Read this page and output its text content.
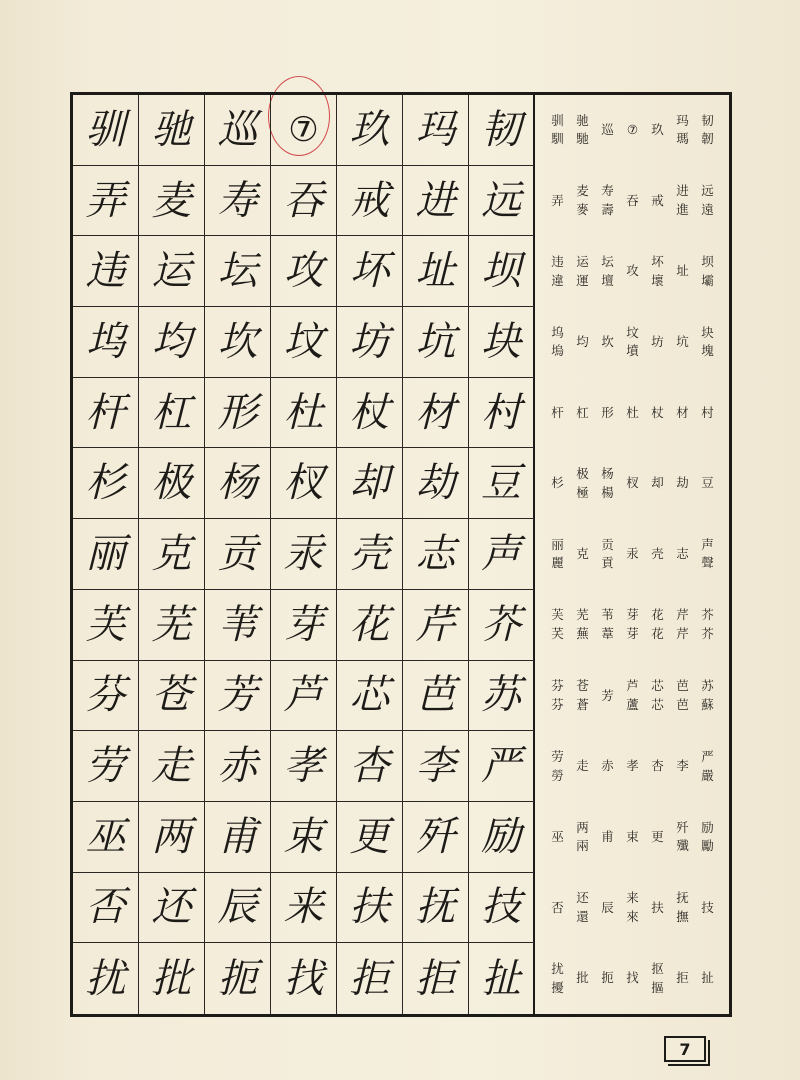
驯 驰 巡 ⑦ 玖 玛 韧
弄 麦 寿 吞 戒 进 远
违 运 坛 攻 坏 址 坝
坞 均 坎 坟 坊 坑 块
杆 杠 形 杜 杖 材 村
杉 极 杨 杈 却 劫 豆
丽 克 贡 汞 壳 志 声
芙 芜 苇 芽 花 芹 芥
芬 苍 芳 芦 芯 芭 苏
劳 走 赤 孝 杏 李 严
巫 两 甫 束 更 歼 励
否 还 辰 来 扶 抚 技
扰 批 扼 找 拒 拒 扯
驯
馴
驰
馳
巡 ⑦ 玖
玛
瑪
韧
韌
弄
麦
麥
寿
壽
吞 戒
进
進
远
遠
违
違
运
運
坛
壇
攻
坏
壞
址
坝
壩
坞
塢
均 坎
坟
墳
坊 坑
块
塊
杆 杠 形 杜 杖 材 村
杉
极
極
杨
楊
杈 却 劫 豆
丽
麗
克
贡
貢
汞 壳 志
声
聲
芙
芺
芜
蕪
苇
葦
芽
芽
花
花
芹
芹
芥
芥
芬
芬
苍
蒼
芳
芦
蘆
芯
芯
芭
芭
苏
蘇
劳
勞
走 赤 孝 杏 李
严
嚴
巫
两
兩
甫 束 更
歼
殲
励
勵
否
还
還
辰
来
來
扶
抚
撫
技
扰
擾
批 扼 找
抠
摳
拒 扯
7
